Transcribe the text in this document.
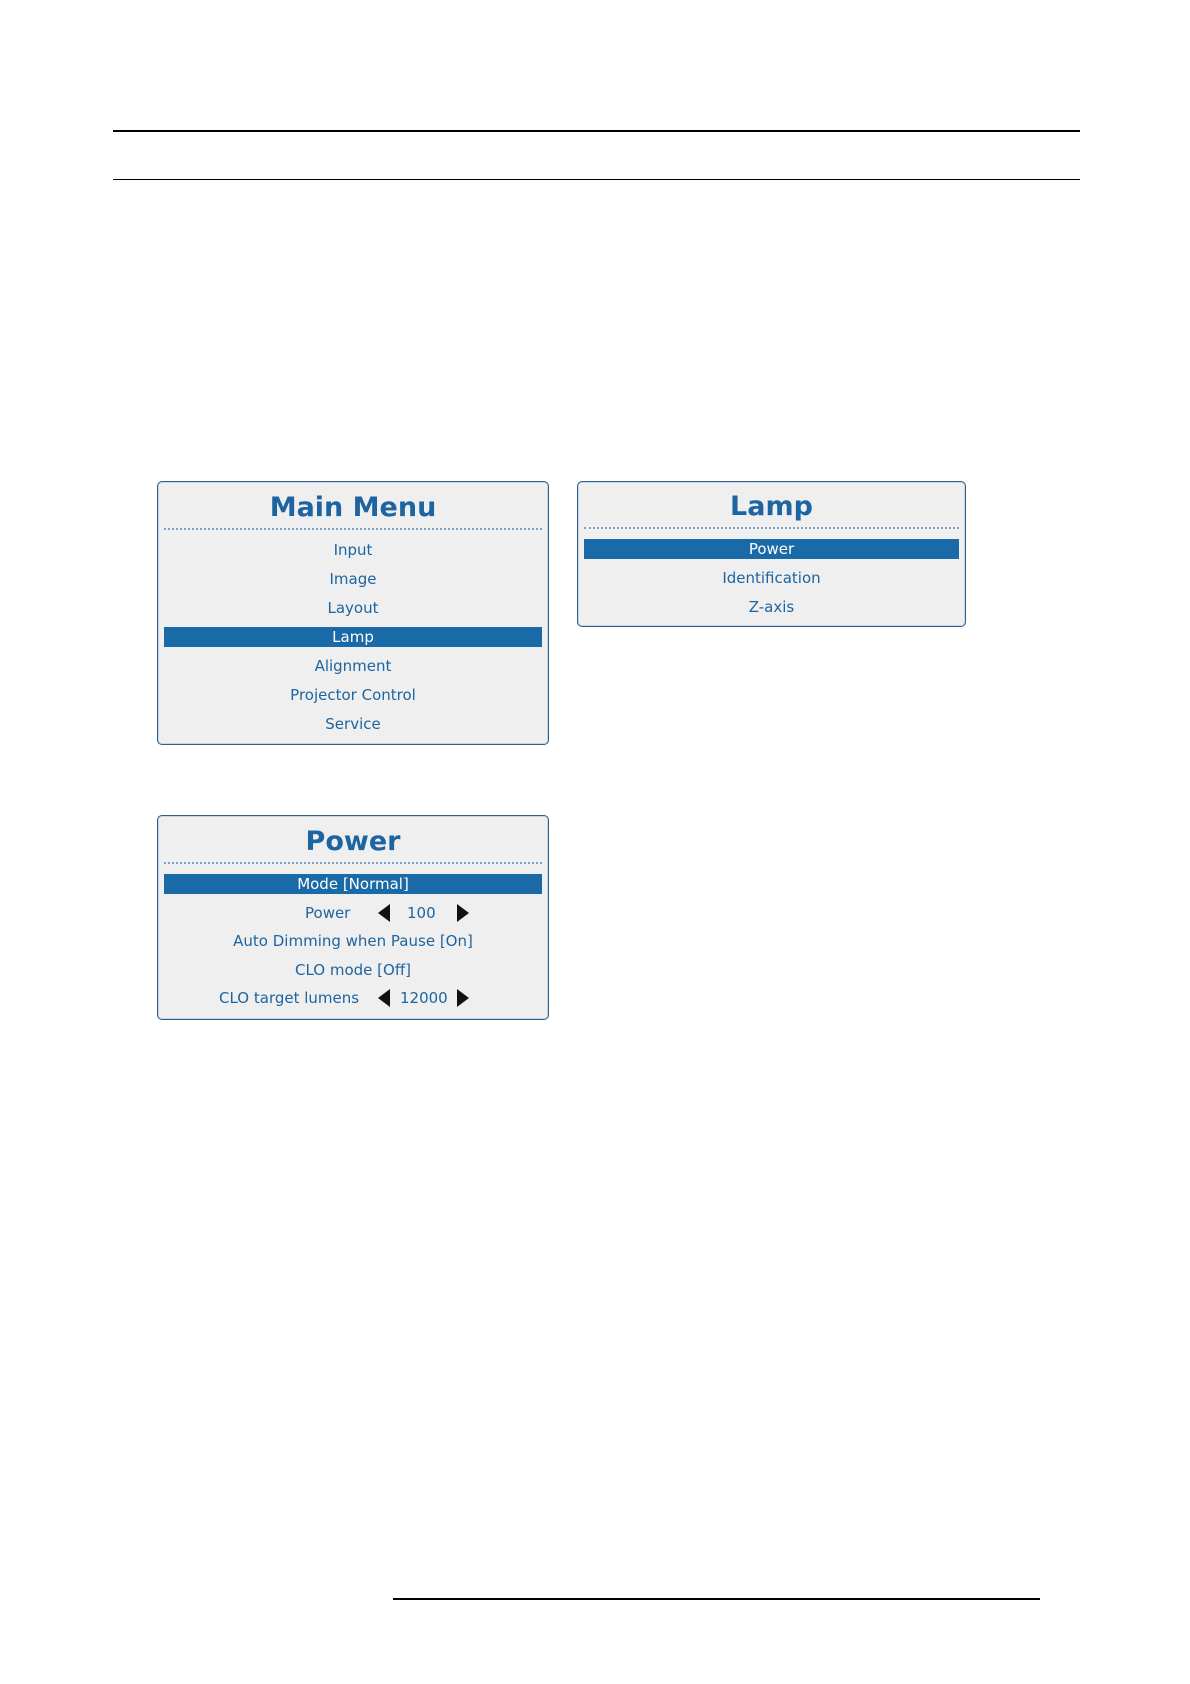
Main Menu
Input
Image
Layout
Lamp
Alignment
Projector Control
Service
Lamp
Power
Identification
Z-axis
Power
Mode [Normal]
Power	100
Auto Dimming when Pause [On]
CLO mode [Off]
CLO target lumens	12000
